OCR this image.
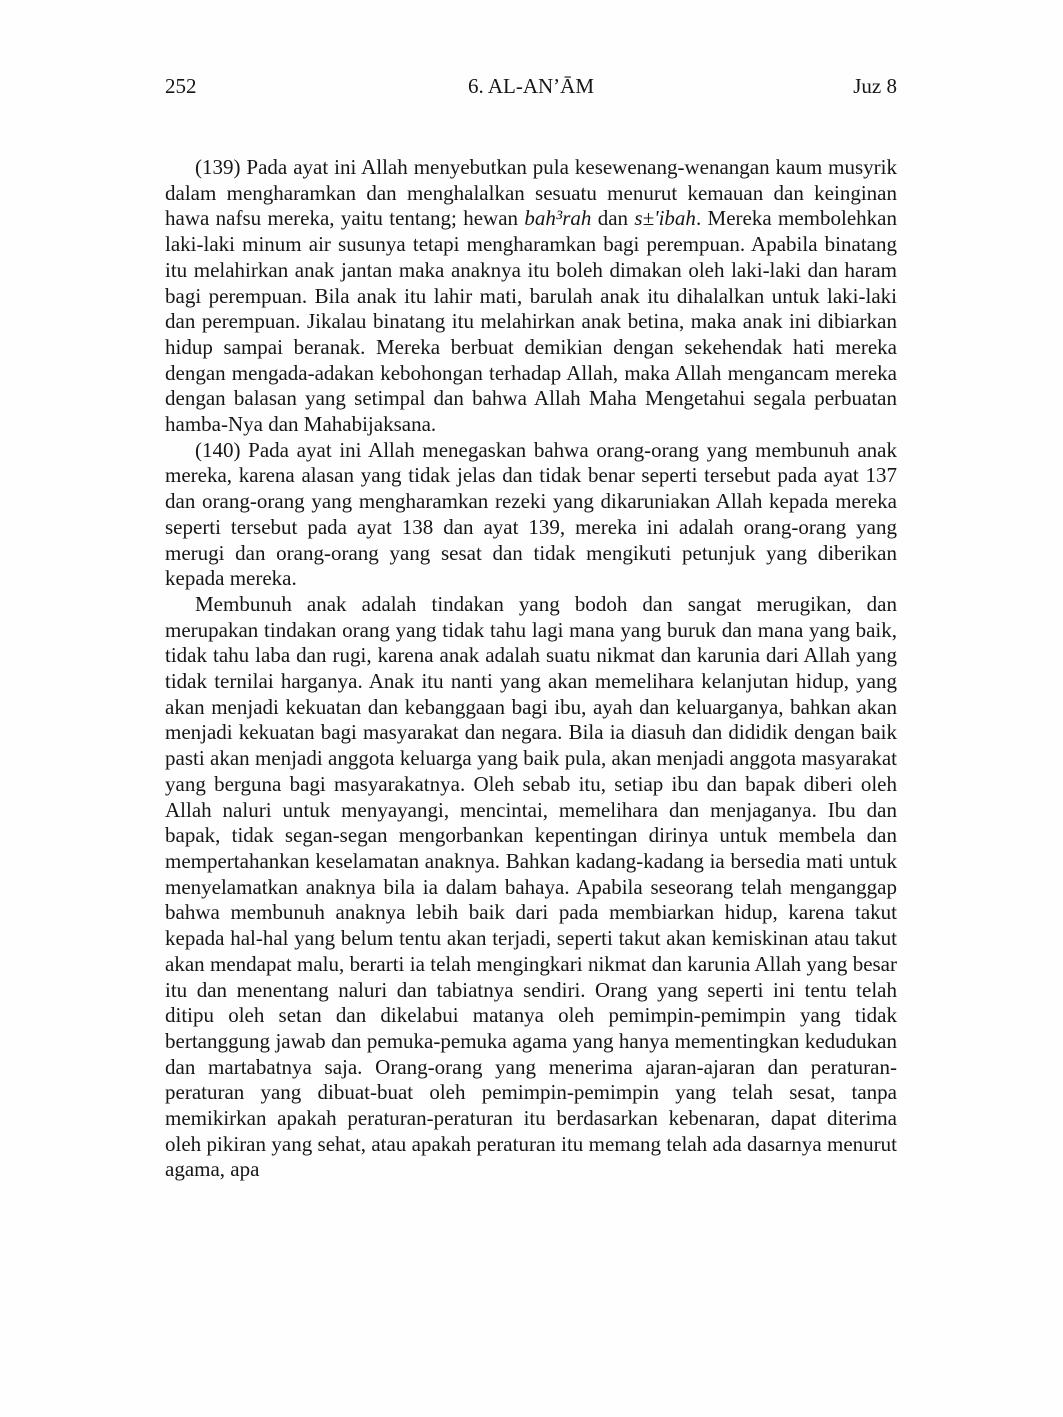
252	6. AL-AN’ĀM	Juz 8

(139) Pada ayat ini Allah menyebutkan pula kesewenang-wenangan kaum musyrik dalam mengharamkan dan menghalalkan sesuatu menurut kemauan dan keinginan hawa nafsu mereka, yaitu tentang; hewan bah³rah dan s±'ibah. Mereka membolehkan laki-laki minum air susunya tetapi mengharamkan bagi perempuan. Apabila binatang itu melahirkan anak jantan maka anaknya itu boleh dimakan oleh laki-laki dan haram bagi perempuan. Bila anak itu lahir mati, barulah anak itu dihalalkan untuk laki-laki dan perempuan. Jikalau binatang itu melahirkan anak betina, maka anak ini dibiarkan hidup sampai beranak. Mereka berbuat demikian dengan sekehendak hati mereka dengan mengada-adakan kebohongan terhadap Allah, maka Allah mengancam mereka dengan balasan yang setimpal dan bahwa Allah Maha Mengetahui segala perbuatan hamba-Nya dan Mahabijaksana.

(140) Pada ayat ini Allah menegaskan bahwa orang-orang yang membunuh anak mereka, karena alasan yang tidak jelas dan tidak benar seperti tersebut pada ayat 137 dan orang-orang yang mengharamkan rezeki yang dikaruniakan Allah kepada mereka seperti tersebut pada ayat 138 dan ayat 139, mereka ini adalah orang-orang yang merugi dan orang-orang yang sesat dan tidak mengikuti petunjuk yang diberikan kepada mereka.

Membunuh anak adalah tindakan yang bodoh dan sangat merugikan, dan merupakan tindakan orang yang tidak tahu lagi mana yang buruk dan mana yang baik, tidak tahu laba dan rugi, karena anak adalah suatu nikmat dan karunia dari Allah yang tidak ternilai harganya. Anak itu nanti yang akan memelihara kelanjutan hidup, yang akan menjadi kekuatan dan kebanggaan bagi ibu, ayah dan keluarganya, bahkan akan menjadi kekuatan bagi masyarakat dan negara. Bila ia diasuh dan dididik dengan baik pasti akan menjadi anggota keluarga yang baik pula, akan menjadi anggota masyarakat yang berguna bagi masyarakatnya. Oleh sebab itu, setiap ibu dan bapak diberi oleh Allah naluri untuk menyayangi, mencintai, memelihara dan menjaganya. Ibu dan bapak, tidak segan-segan mengorbankan kepentingan dirinya untuk membela dan mempertahankan keselamatan anaknya. Bahkan kadang-kadang ia bersedia mati untuk menyelamatkan anaknya bila ia dalam bahaya. Apabila seseorang telah menganggap bahwa membunuh anaknya lebih baik dari pada membiarkan hidup, karena takut kepada hal-hal yang belum tentu akan terjadi, seperti takut akan kemiskinan atau takut akan mendapat malu, berarti ia telah mengingkari nikmat dan karunia Allah yang besar itu dan menentang naluri dan tabiatnya sendiri. Orang yang seperti ini tentu telah ditipu oleh setan dan dikelabui matanya oleh pemimpin-pemimpin yang tidak bertanggung jawab dan pemuka-pemuka agama yang hanya mementingkan kedudukan dan martabatnya saja. Orang-orang yang menerima ajaran-ajaran dan peraturan-peraturan yang dibuat-buat oleh pemimpin-pemimpin yang telah sesat, tanpa memikirkan apakah peraturan-peraturan itu berdasarkan kebenaran, dapat diterima oleh pikiran yang sehat, atau apakah peraturan itu memang telah ada dasarnya menurut agama, apa
